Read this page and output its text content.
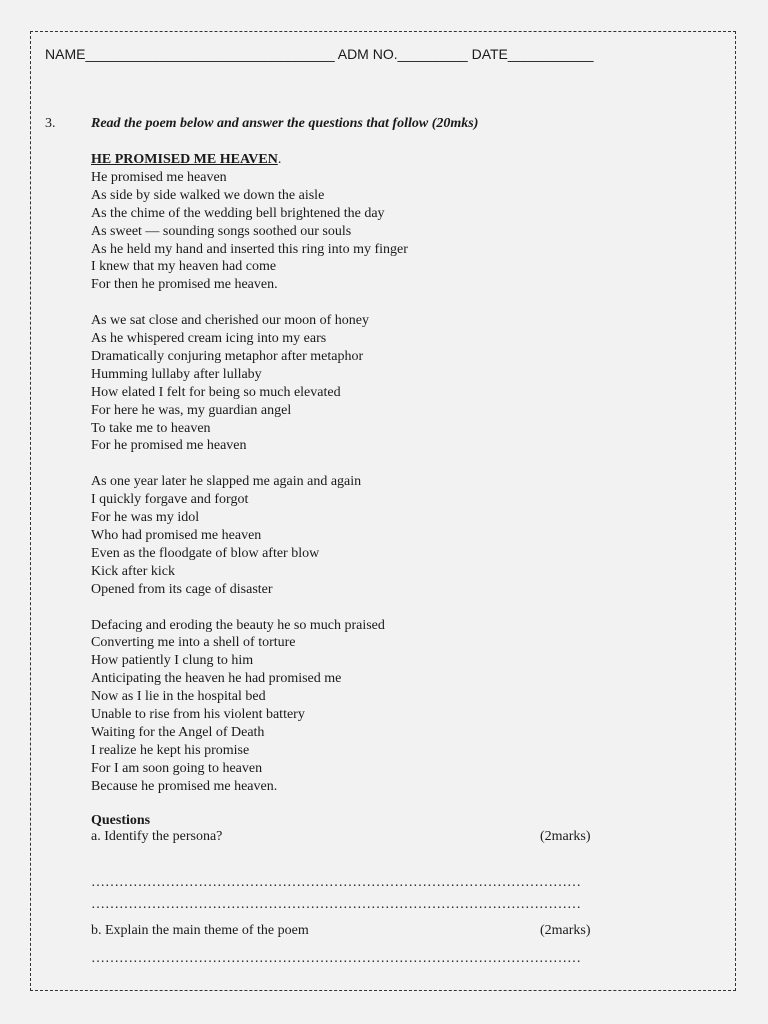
NAME________________________________ ADM NO._________ DATE___________
3.	Read the poem below and answer the questions that follow (20mks)
HE PROMISED ME HEAVEN.
He promised me heaven
As side by side walked we down the aisle
As the chime of the wedding bell brightened the day
As sweet — sounding songs soothed our souls
As he held my hand and inserted this ring into my finger
I knew that my heaven had come
For then he promised me heaven.
As we sat close and cherished our moon of honey
As he whispered cream icing into my ears
Dramatically conjuring metaphor after metaphor
Humming lullaby after lullaby
How elated I felt for being so much elevated
For here he was, my guardian angel
To take me to heaven
For he promised me heaven
As one year later he slapped me again and again
I quickly forgave and forgot
For he was my idol
Who had promised me heaven
Even as the floodgate of blow after blow
Kick after kick
Opened from its cage of disaster
Defacing and eroding the beauty he so much praised
Converting me into a shell of torture
How patiently I clung to him
Anticipating the heaven he had promised me
Now as I lie in the hospital bed
Unable to rise from his violent battery
Waiting for the Angel of Death
I realize he kept his promise
For I am soon going to heaven
Because he promised me heaven.
Questions
a. Identify the persona?	(2marks)
……………………………………………………………………………………………
……………………………………………………………………………………………
b. Explain the main theme of the poem	(2marks)
……………………………………………………………………………………………
